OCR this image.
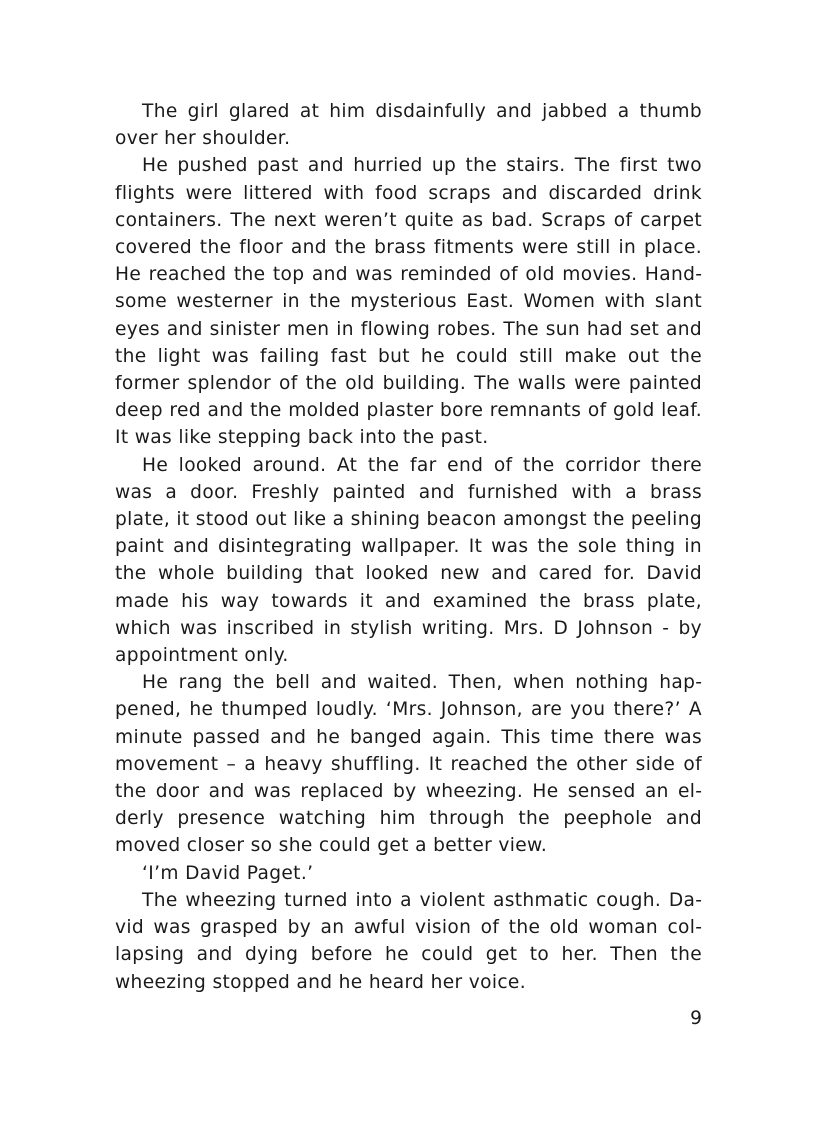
The girl glared at him disdainfully and jabbed a thumb over her shoulder.

He pushed past and hurried up the stairs. The first two flights were littered with food scraps and discarded drink containers. The next weren’t quite as bad. Scraps of carpet covered the floor and the brass fitments were still in place. He reached the top and was reminded of old movies. Handsome westerner in the mysterious East. Women with slant eyes and sinister men in flowing robes. The sun had set and the light was failing fast but he could still make out the former splendor of the old building. The walls were painted deep red and the molded plaster bore remnants of gold leaf. It was like stepping back into the past.

He looked around. At the far end of the corridor there was a door. Freshly painted and furnished with a brass plate, it stood out like a shining beacon amongst the peeling paint and disintegrating wallpaper. It was the sole thing in the whole building that looked new and cared for. David made his way towards it and examined the brass plate, which was inscribed in stylish writing. Mrs. D Johnson - by appointment only.

He rang the bell and waited. Then, when nothing happened, he thumped loudly. ‘Mrs. Johnson, are you there?’ A minute passed and he banged again. This time there was movement – a heavy shuffling. It reached the other side of the door and was replaced by wheezing. He sensed an elderly presence watching him through the peephole and moved closer so she could get a better view.

‘I’m David Paget.’

The wheezing turned into a violent asthmatic cough. David was grasped by an awful vision of the old woman collapsing and dying before he could get to her. Then the wheezing stopped and he heard her voice.

9
